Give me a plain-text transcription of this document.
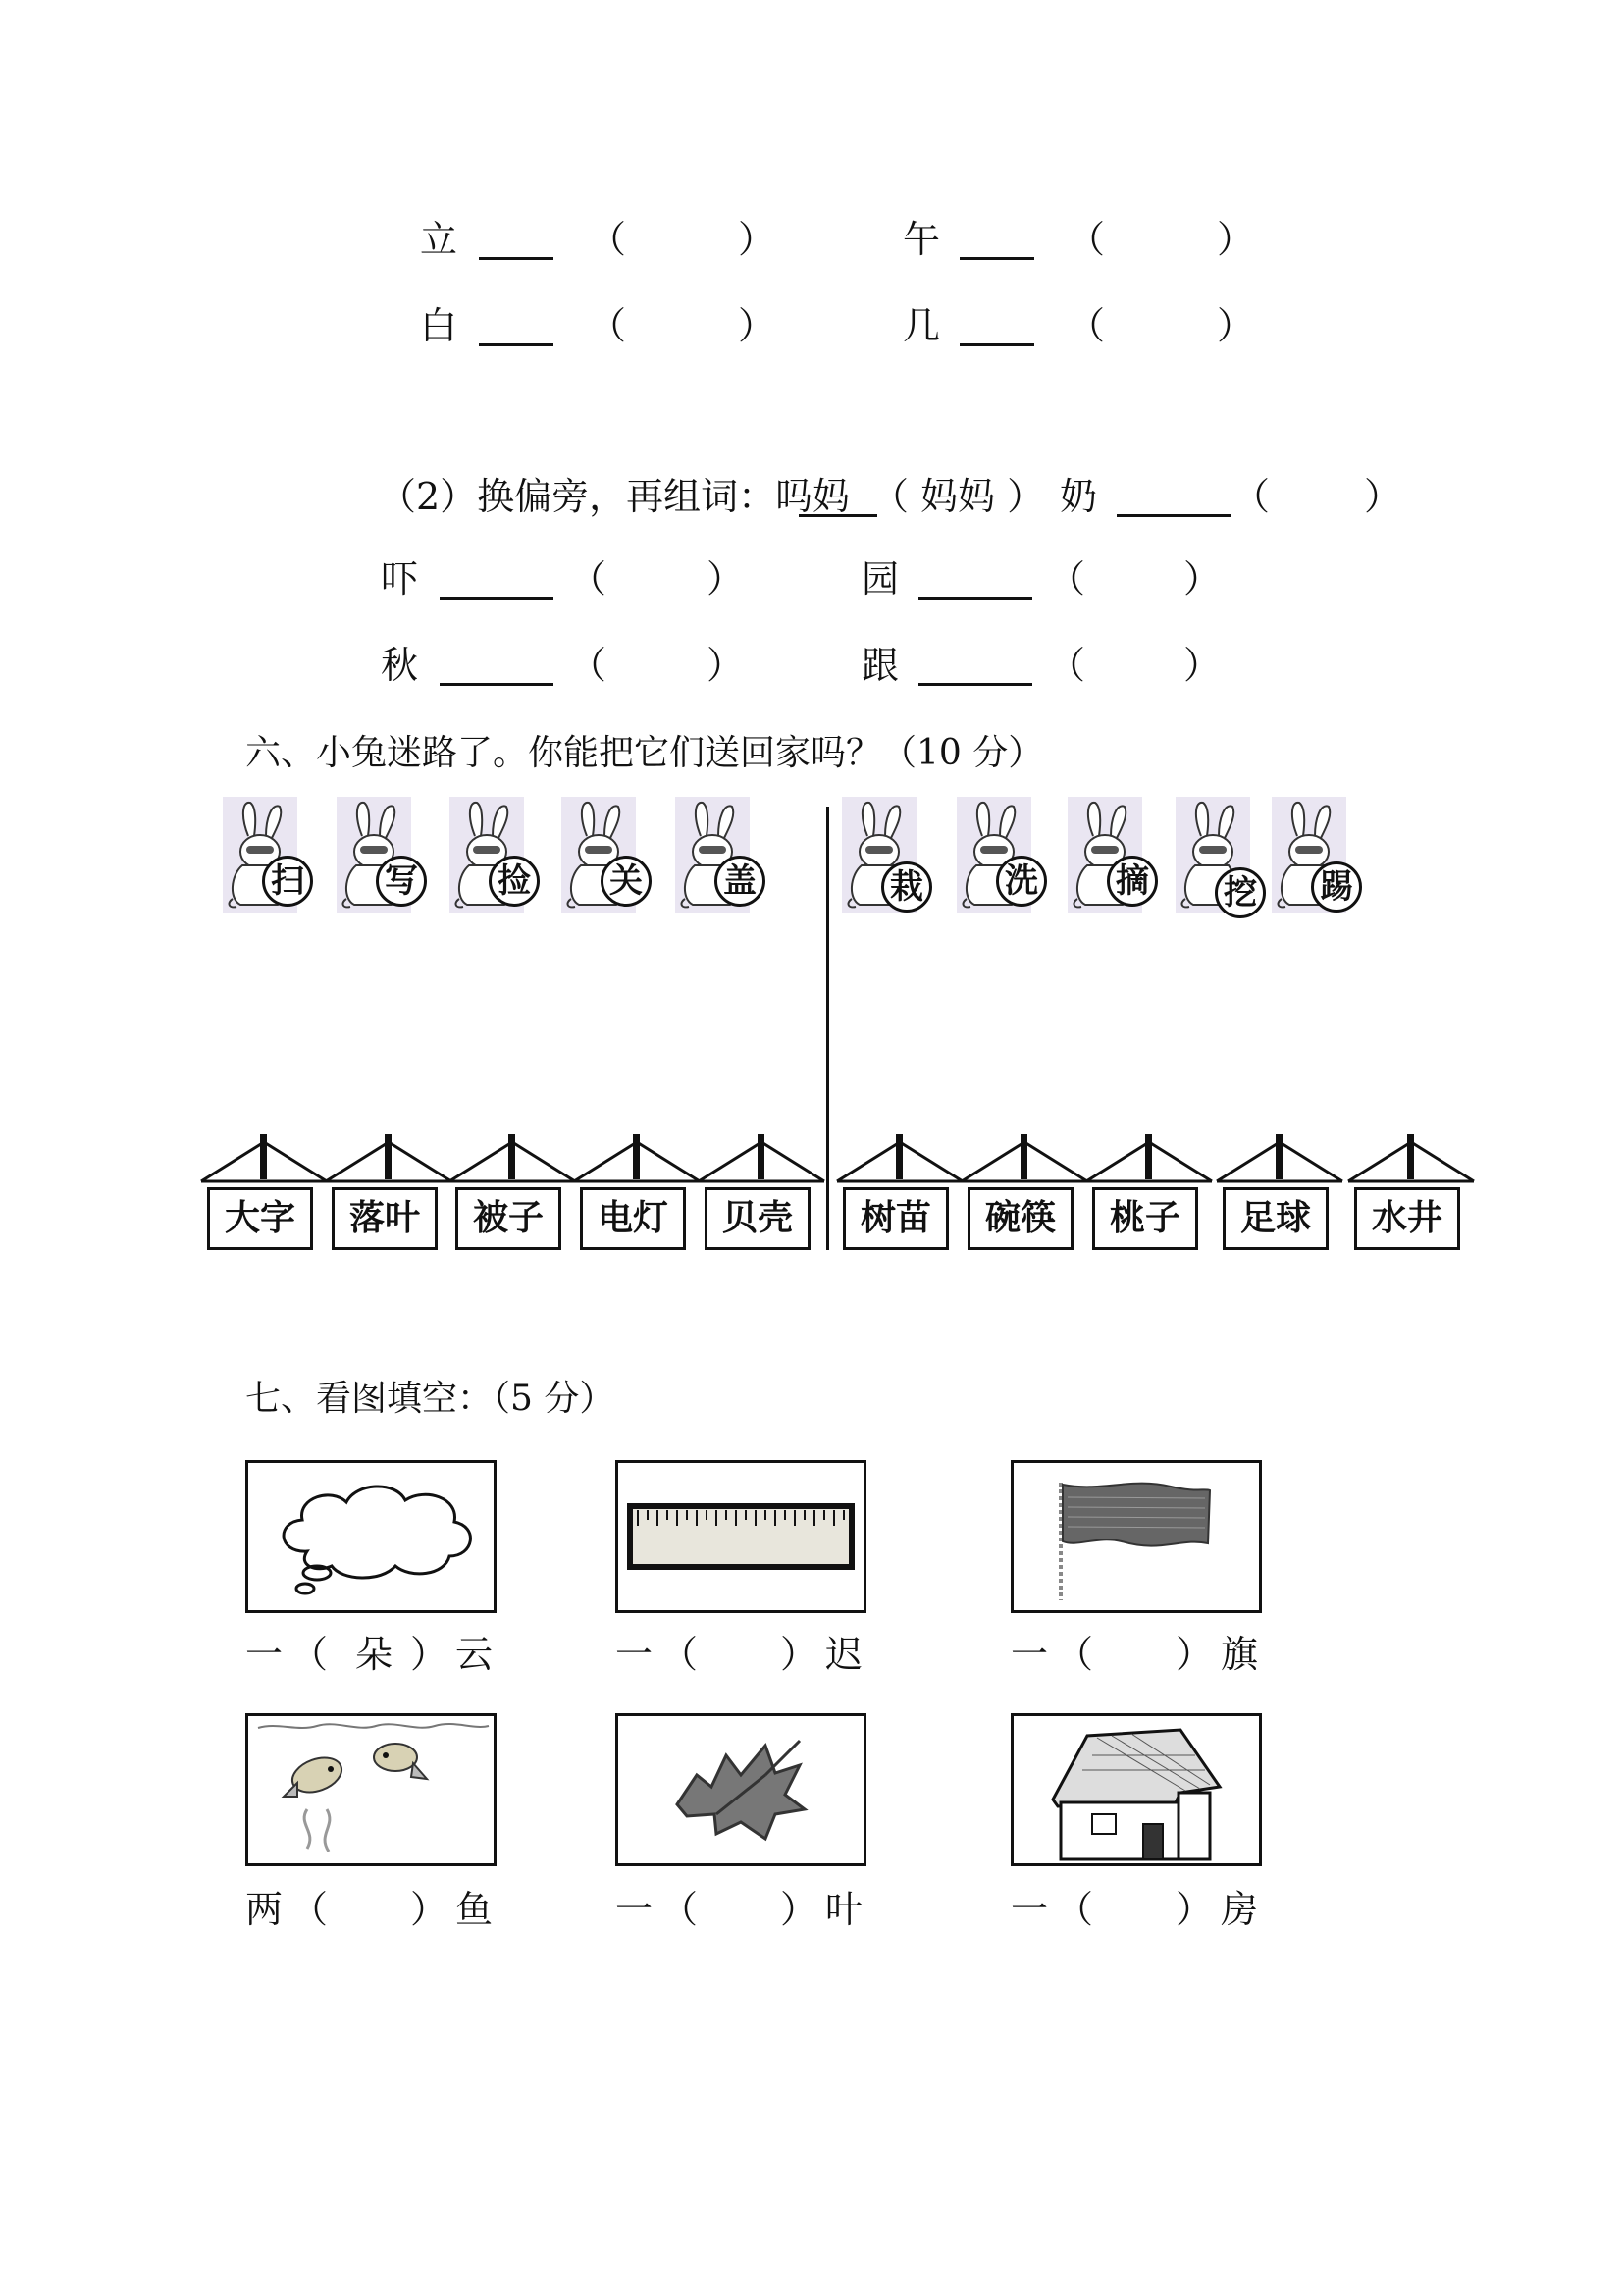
立	（	）	午	（	）
白	（	）	几	（	）
（2）换偏旁，再组词：吗 妈 （ 妈妈 ） 奶	（	）
吓	（	）	园	（	）
秋	（	）	跟	（	）
六、小兔迷路了。你能把它们送回家吗？（10 分）
扫 写 捡 关 盖	栽 洗 摘 挖 踢
大字	落叶	被子	电灯	贝壳	树苗	碗筷	桃子	足球	水井
七、看图填空：（5 分）
一 （ 朵 ） 云	一 （ ） 迟	一 （ ） 旗
两 （ ） 鱼	一 （ ） 叶	一 （ ） 房
